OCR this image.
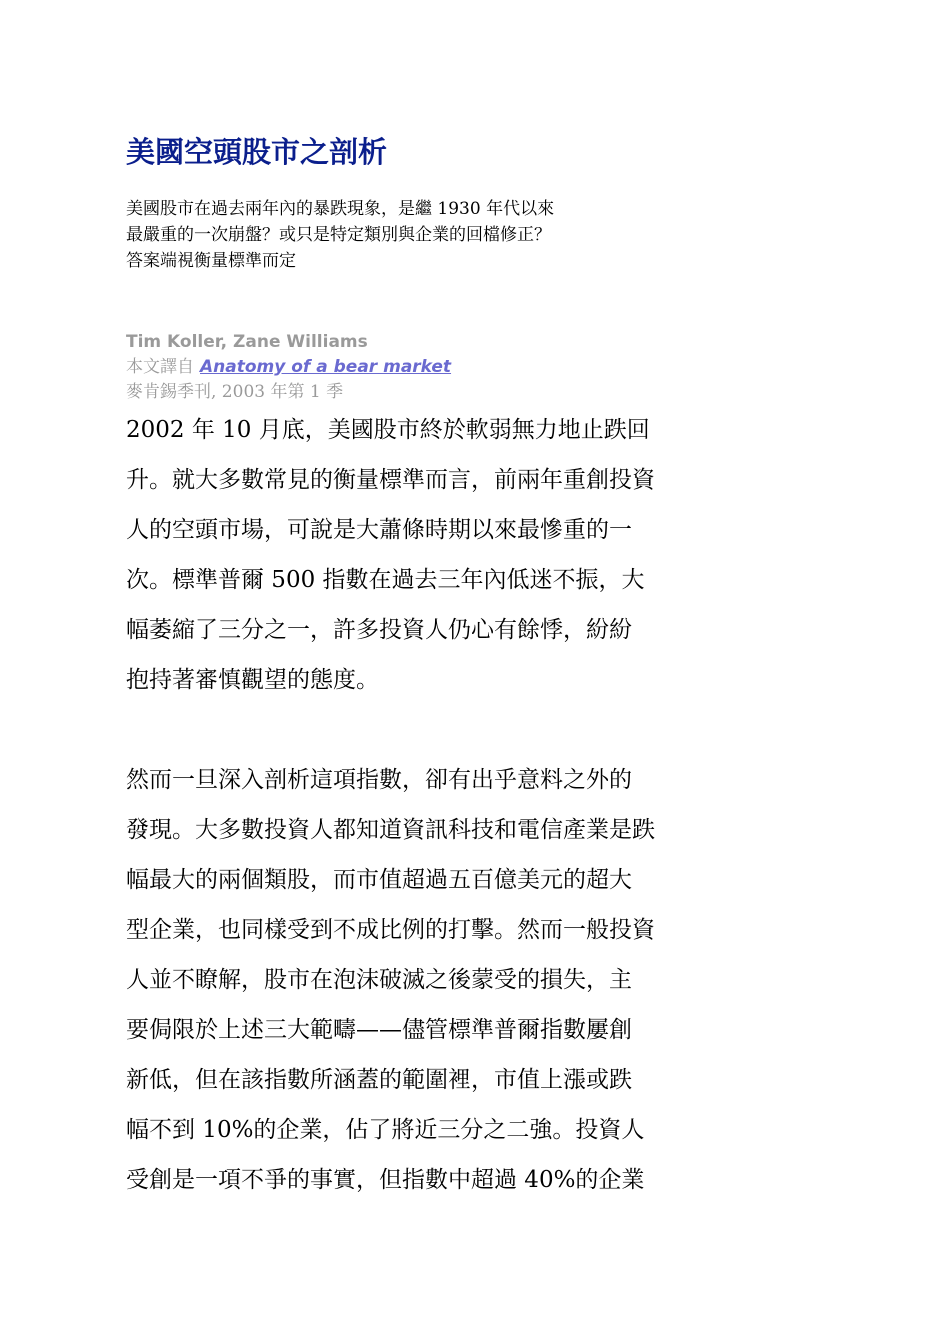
美國空頭股市之剖析
美國股市在過去兩年內的暴跌現象，是繼 1930 年代以來
最嚴重的一次崩盤？或只是特定類別與企業的回檔修正？
答案端視衡量標準而定
Tim Koller, Zane Williams
本文譯自 Anatomy of a bear market
麥肯錫季刊, 2003 年第 1 季

2002 年 10 月底，美國股市終於軟弱無力地止跌回
升。就大多數常見的衡量標準而言，前兩年重創投資
人的空頭市場，可說是大蕭條時期以來最慘重的一
次。標準普爾 500 指數在過去三年內低迷不振，大
幅萎縮了三分之一，許多投資人仍心有餘悸，紛紛
抱持著審慎觀望的態度。

然而一旦深入剖析這項指數，卻有出乎意料之外的
發現。大多數投資人都知道資訊科技和電信產業是跌
幅最大的兩個類股，而市值超過五百億美元的超大
型企業，也同樣受到不成比例的打擊。然而一般投資
人並不瞭解，股市在泡沫破滅之後蒙受的損失，主
要侷限於上述三大範疇——儘管標準普爾指數屢創
新低，但在該指數所涵蓋的範圍裡，市值上漲或跌
幅不到 10%的企業，佔了將近三分之二強。投資人
受創是一項不爭的事實，但指數中超過 40%的企業
